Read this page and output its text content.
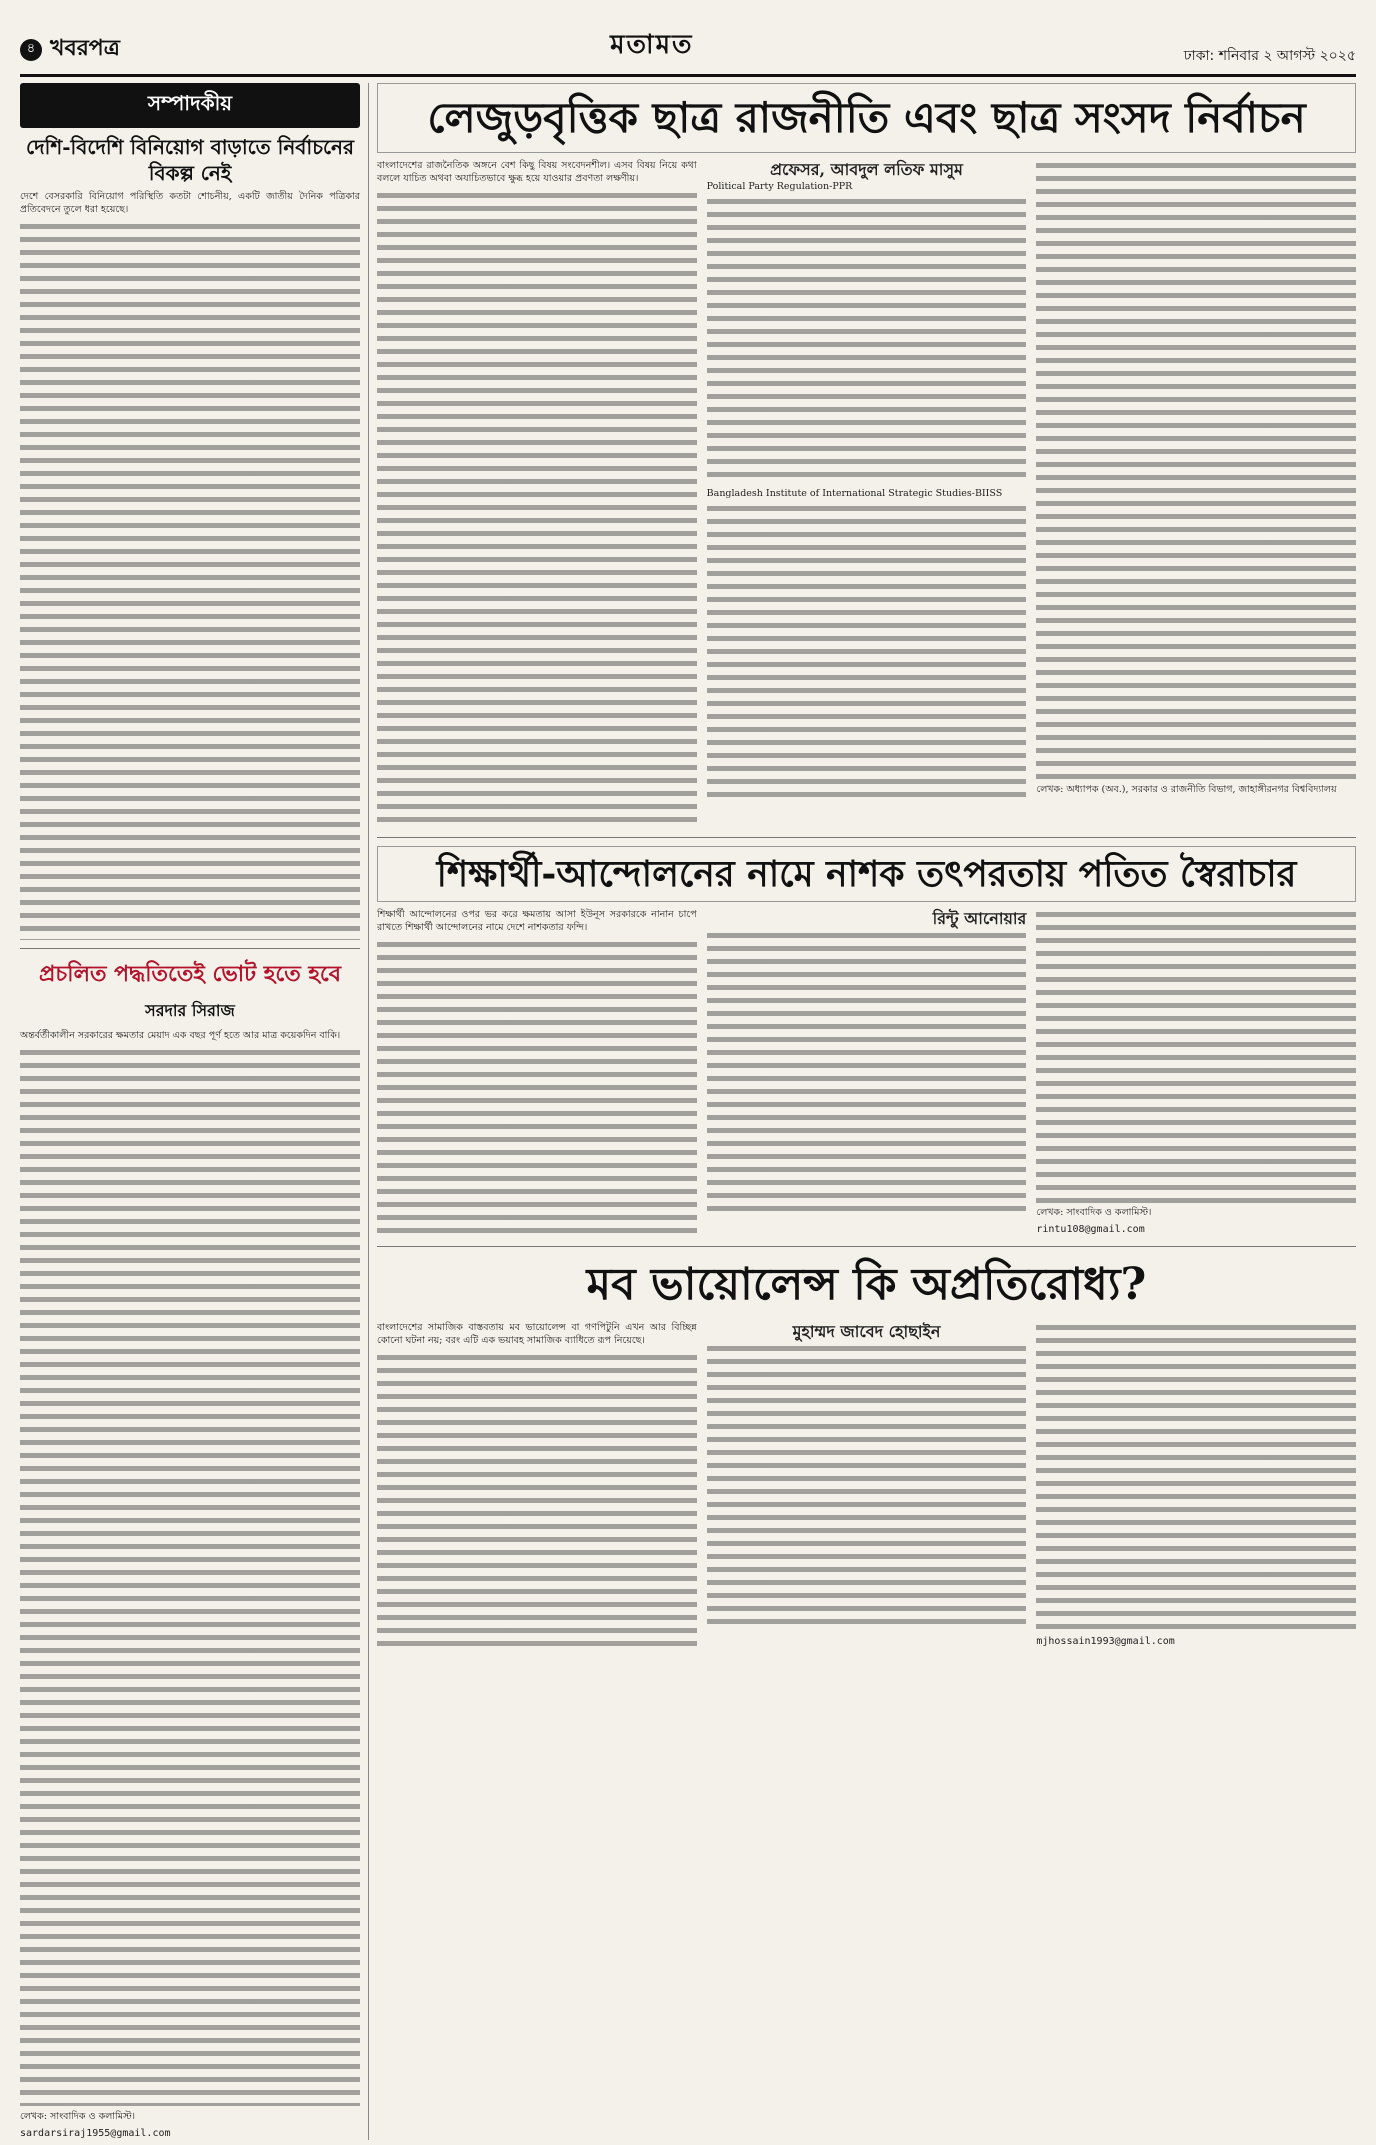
৪ খবরপত্র	মতামত	ঢাকা: শনিবার ২ আগস্ট ২০২৫
সম্পাদকীয়
দেশি-বিদেশি বিনিয়োগ বাড়াতে নির্বাচনের বিকল্প নেই

দেশে বেসরকারি বিনিয়োগ পরিস্থিতি কতটা শোচনীয়, একটি জাতীয় দৈনিক পত্রিকার প্রতিবেদনে তুলে ধরা হয়েছে।

প্রচলিত পদ্ধতিতেই ভোট হতে হবে
সরদার সিরাজ

অন্তর্বর্তীকালীন সরকারের ক্ষমতার মেয়াদ এক বছর পূর্ণ হতে আর মাত্র কয়েকদিন বাকি।

লেখক: সাংবাদিক ও কলামিস্ট।

sardarsiraj1955@gmail.com
লেজুড়বৃত্তিক ছাত্র রাজনীতি এবং ছাত্র সংসদ নির্বাচন

বাংলাদেশের রাজনৈতিক অঙ্গনে বেশ কিছু বিষয় সংবেদনশীল। এসব বিষয় নিয়ে কথা বললে যাচিত অথবা অযাচিতভাবে ক্ষুব্ধ হয়ে যাওয়ার প্রবণতা লক্ষণীয়।	প্রফেসর, আবদুল লতিফ মাসুম

Political Party Regulation-PPR

Bangladesh Institute of International Strategic Studies-BIISS

লেখক: অধ্যাপক (অব.), সরকার ও রাজনীতি বিভাগ, জাহাঙ্গীরনগর বিশ্ববিদ্যালয়

শিক্ষার্থী-আন্দোলনের নামে নাশক তৎপরতায় পতিত স্বৈরাচার

শিক্ষার্থী আন্দোলনের ওপর ভর করে ক্ষমতায় আসা ইউনূস সরকারকে নানান চাপে রাখতে শিক্ষার্থী আন্দোলনের নামে দেশে নাশকতার ফন্দি।	রিন্টু আনোয়ার

লেখক: সাংবাদিক ও কলামিস্ট।

rintu108@gmail.com
মব ভায়োলেন্স কি অপ্রতিরোধ্য?

বাংলাদেশের সামাজিক বাস্তবতায় মব ভায়োলেন্স বা গণপিটুনি এখন আর বিচ্ছিন্ন কোনো ঘটনা নয়; বরং এটি এক ভয়াবহ সামাজিক ব্যাধিতে রূপ নিয়েছে।	মুহাম্মদ জাবেদ হোছাইন
mjhossain1993@gmail.com
